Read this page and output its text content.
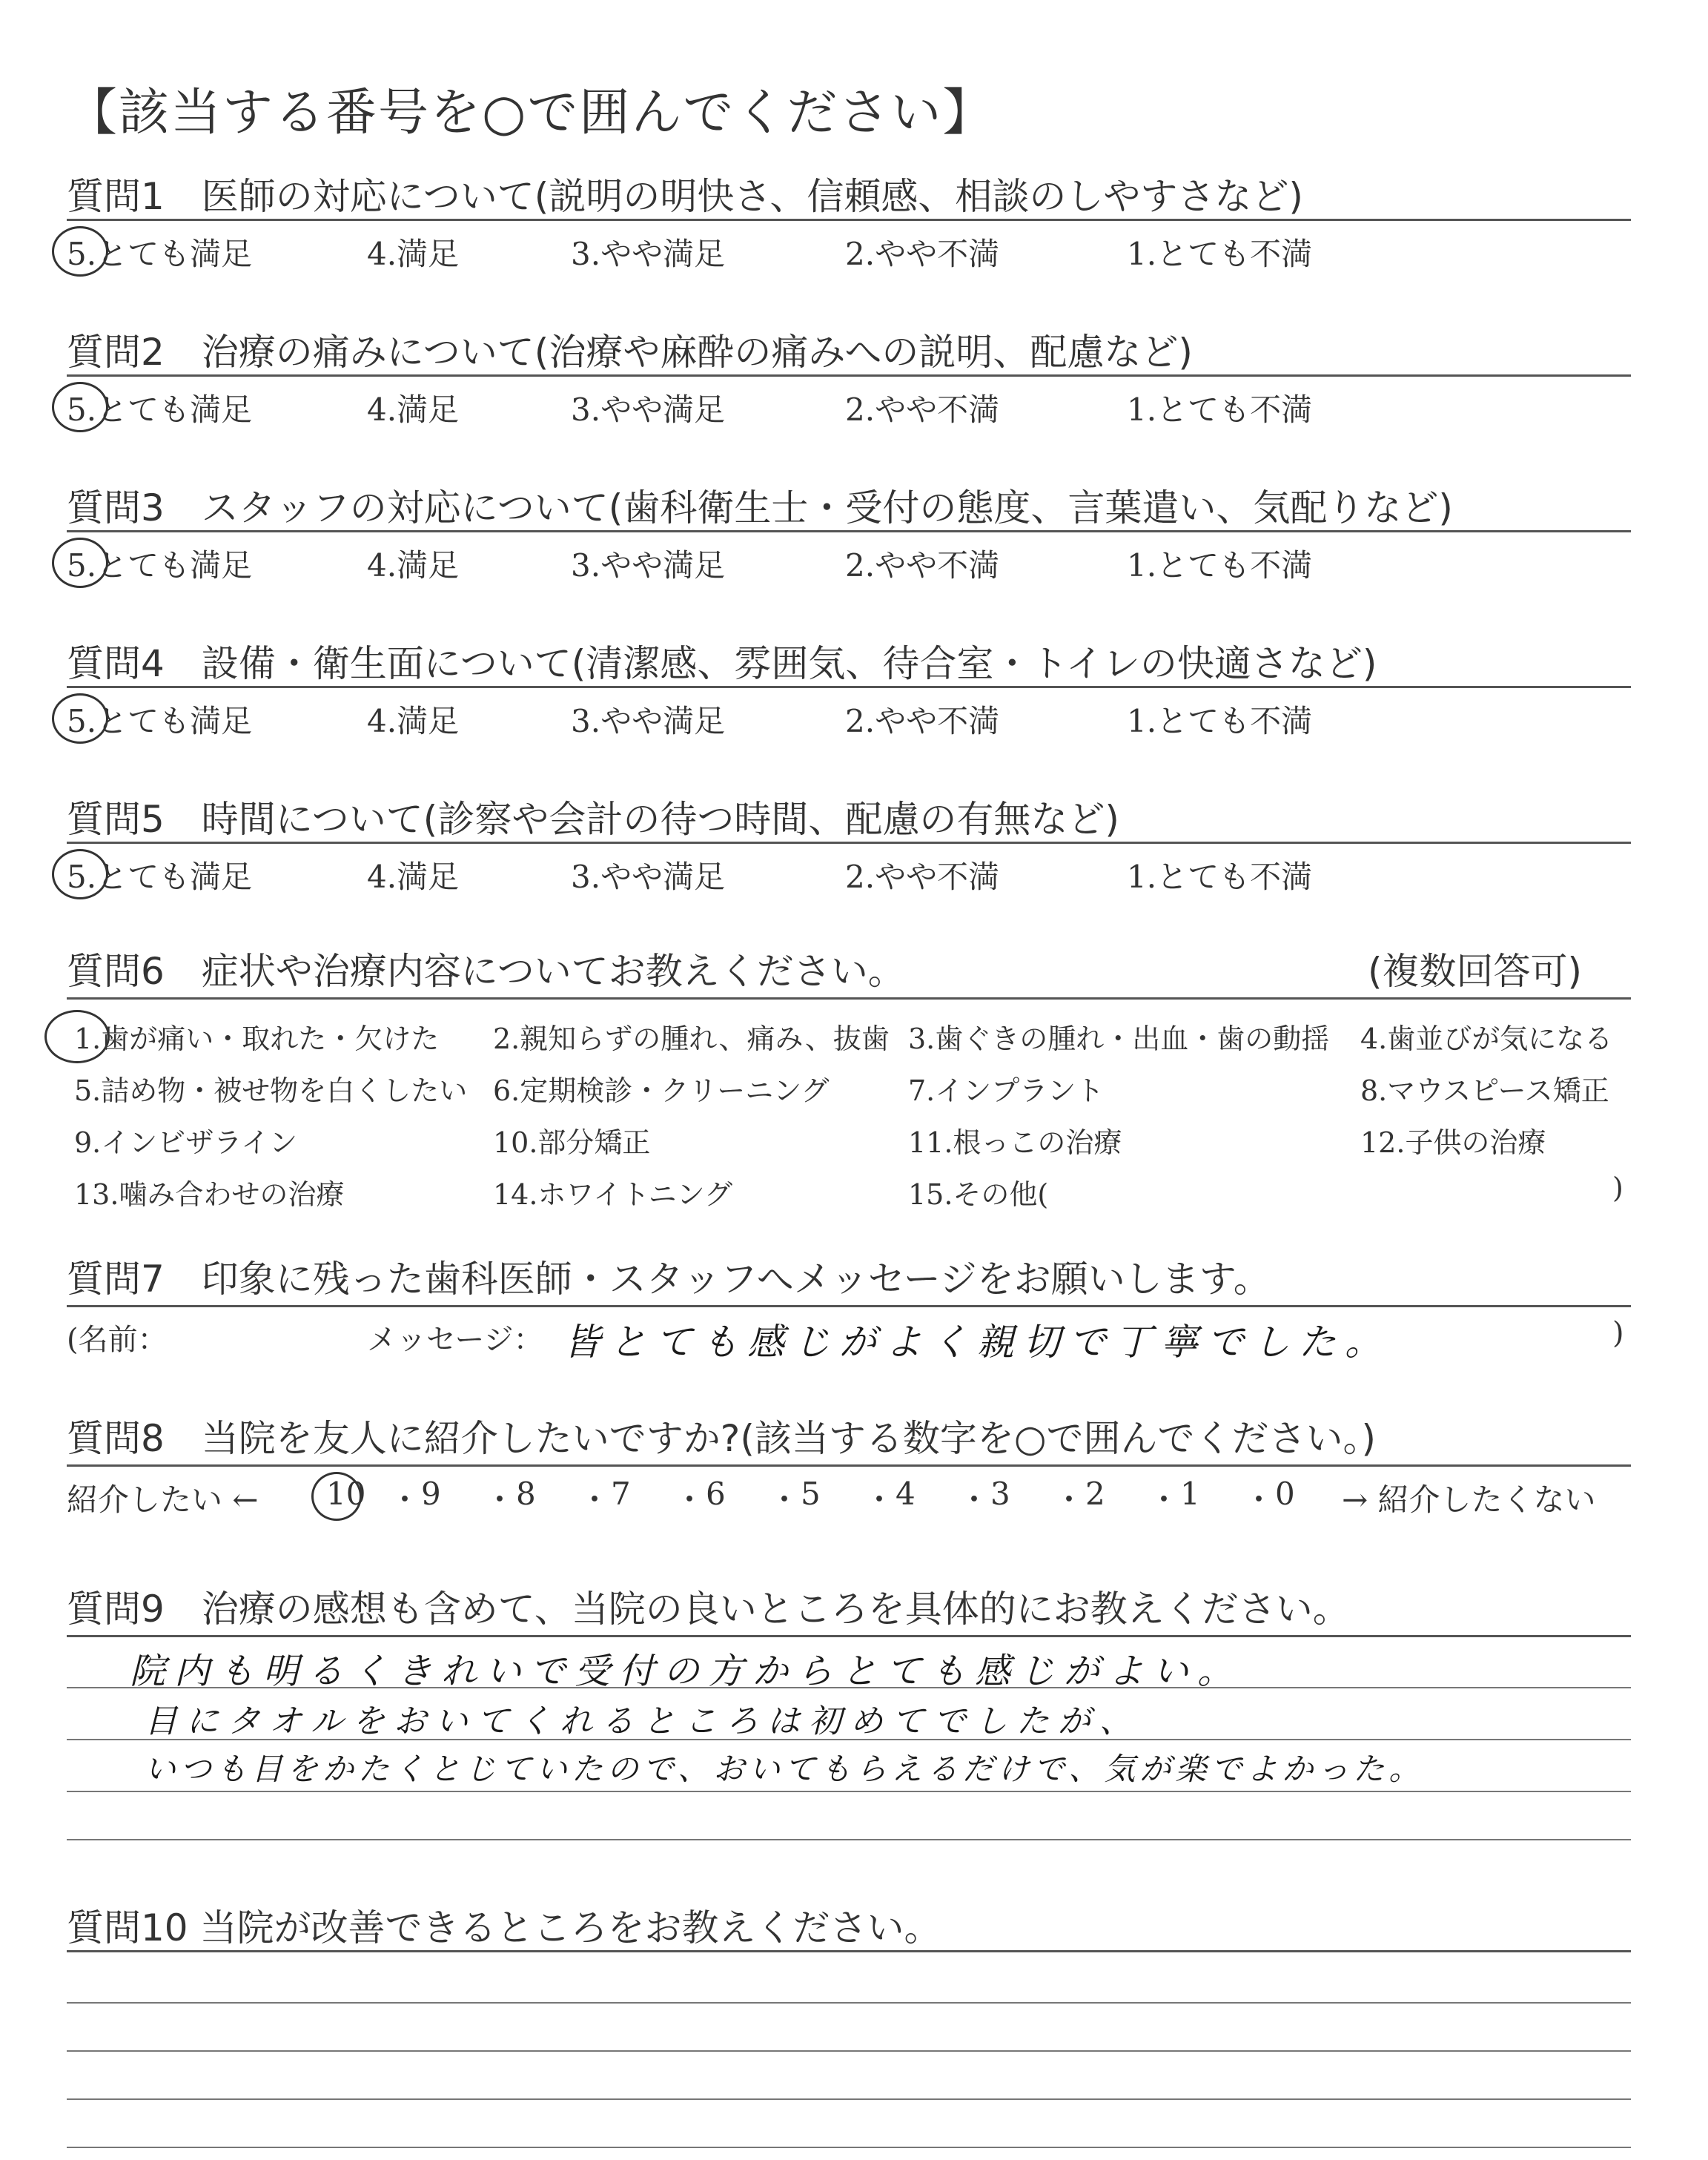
【該当する番号を○で囲んでください】
質問1　医師の対応について(説明の明快さ、信頼感、相談のしやすさなど)
5.とても満足	4.満足	3.やや満足	2.やや不満	1.とても不満
質問2　治療の痛みについて(治療や麻酔の痛みへの説明、配慮など)
5.とても満足	4.満足	3.やや満足	2.やや不満	1.とても不満
質問3　スタッフの対応について(歯科衛生士・受付の態度、言葉遣い、気配りなど)
5.とても満足	4.満足	3.やや満足	2.やや不満	1.とても不満
質問4　設備・衛生面について(清潔感、雰囲気、待合室・トイレの快適さなど)
5.とても満足	4.満足	3.やや満足	2.やや不満	1.とても不満
質問5　時間について(診察や会計の待つ時間、配慮の有無など)
5.とても満足	4.満足	3.やや満足	2.やや不満	1.とても不満
質問6　症状や治療内容についてお教えください。	(複数回答可)
1.歯が痛い・取れた・欠けた 2.親知らずの腫れ、痛み、抜歯 3.歯ぐきの腫れ・出血・歯の動揺 4.歯並びが気になる
5.詰め物・被せ物を白くしたい 6.定期検診・クリーニング	7.インプラント	8.マウスピース矯正
9.インビザライン	10.部分矯正	11.根っこの治療	12.子供の治療
13.噛み合わせの治療	14.ホワイトニング	15.その他(	)
質問7　印象に残った歯科医師・スタッフへメッセージをお願いします。
(名前：	メッセージ： 皆とても感じがよく親切で丁寧でした。	)
質問8　当院を友人に紹介したいですか?(該当する数字を○で囲んでください。)
紹介したい ← 10 ・ 9 ・ 8 ・ 7 ・ 6 ・ 5 ・ 4 ・ 3 ・ 2 ・ 1 ・ 0 → 紹介したくない
質問9　治療の感想も含めて、当院の良いところを具体的にお教えください。
院内も明るくきれいで受付の方からとても感じがよい。
目にタオルをおいてくれるところは初めてでしたが、
いつも目をかたくとじていたので、おいてもらえるだけで、気が楽でよかった。
質問10 当院が改善できるところをお教えください。
